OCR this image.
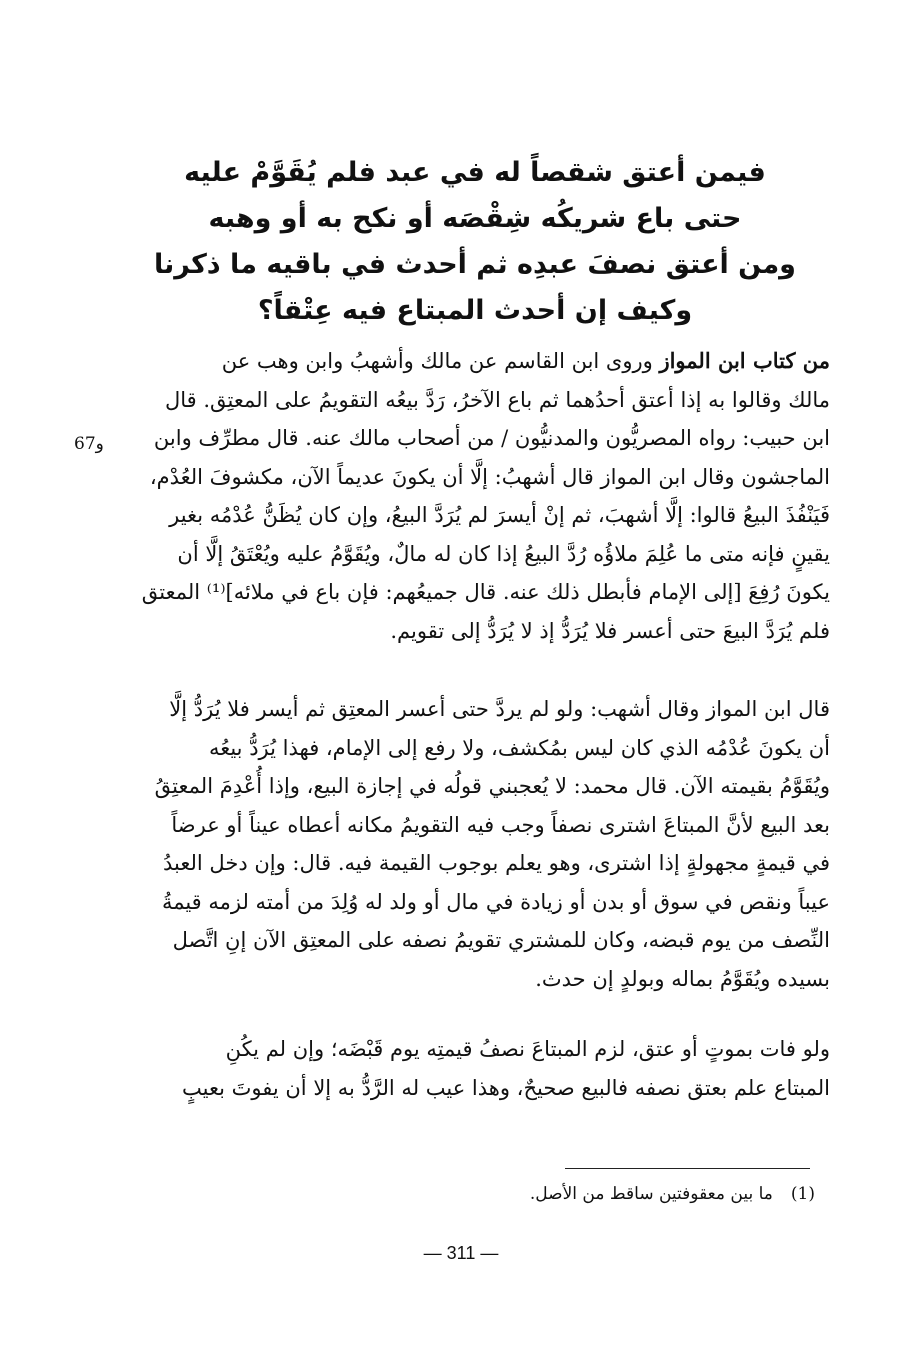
فيمن أعتق شقصاً له في عبد فلم يُقَوَّمْ عليه
حتى باع شريكُه شِقْصَه أو نكح به أو وهبه
ومن أعتق نصفَ عبدِه ثم أحدث في باقيه ما ذكرنا
وكيف إن أحدث المبتاع فيه عِتْقاً؟
من كتاب ابن المواز وروى ابن القاسم عن مالك وأشهبُ وابن وهب عن
مالك وقالوا به إذا أعتق أحدُهما ثم باع الآخرُ، رَدَّ بيعُه التقويمُ على المعتِق. قال
ابن حبيب: رواه المصريُّون والمدنيُّون / من أصحاب مالك عنه. قال مطرِّف وابن
الماجشون وقال ابن المواز قال أشهبُ: إلَّا أن يكونَ عديماً الآن، مكشوفَ العُدْم،
فَيَنْفُذَ البيعُ قالوا: إلَّا أشهبَ، ثم إنْ أيسرَ لم يُرَدَّ البيعُ، وإن كان يُظَنُّ عُدْمُه بغير
يقينٍ فإنه متى ما عُلِمَ ملاؤُه رُدَّ البيعُ إذا كان له مالٌ، ويُقَوَّمُ عليه ويُعْتَقُ إلَّا أن
يكونَ رُفِعَ [إلى الإمام فأبطل ذلك عنه. قال جميعُهم: فإن باع في ملائه]⁽¹⁾ المعتق
فلم يُرَدَّ البيعَ حتى أعسر فلا يُرَدُّ إذ لا يُرَدُّ إلى تقويم.
قال ابن المواز وقال أشهب: ولو لم يردَّ حتى أعسر المعتِق ثم أيسر فلا يُرَدُّ إلَّا
أن يكونَ عُدْمُه الذي كان ليس بمُكشف، ولا رفع إلى الإمام، فهذا يُرَدُّ بيعُه
ويُقَوَّمُ بقيمته الآن. قال محمد: لا يُعجبني قولُه في إجازة البيع، وإذا أُعْدِمَ المعتِقُ
بعد البيع لأنَّ المبتاعَ اشترى نصفاً وجب فيه التقويمُ مكانه أعطاه عيناً أو عرضاً
في قيمةٍ مجهولةٍ إذا اشترى، وهو يعلم بوجوب القيمة فيه. قال: وإن دخل العبدُ
عيباً ونقص في سوق أو بدن أو زيادة في مال أو ولد له وُلِدَ من أمته لزمه قيمةُ
النِّصف من يوم قبضه، وكان للمشتري تقويمُ نصفه على المعتِق الآن إنِ اتَّصل
بسيده ويُقَوَّمُ بماله وبولدٍ إن حدث.
ولو فات بموتٍ أو عتق، لزم المبتاعَ نصفُ قيمتِه يوم قَبْضَه؛ وإن لم يكُنِ
المبتاع علم بعتق نصفه فالبيع صحيحٌ، وهذا عيب له الرَّدُّ به إلا أن يفوتَ بعيبٍ
و67
(1)ما بين معقوفتين ساقط من الأصل.
— 311 —
